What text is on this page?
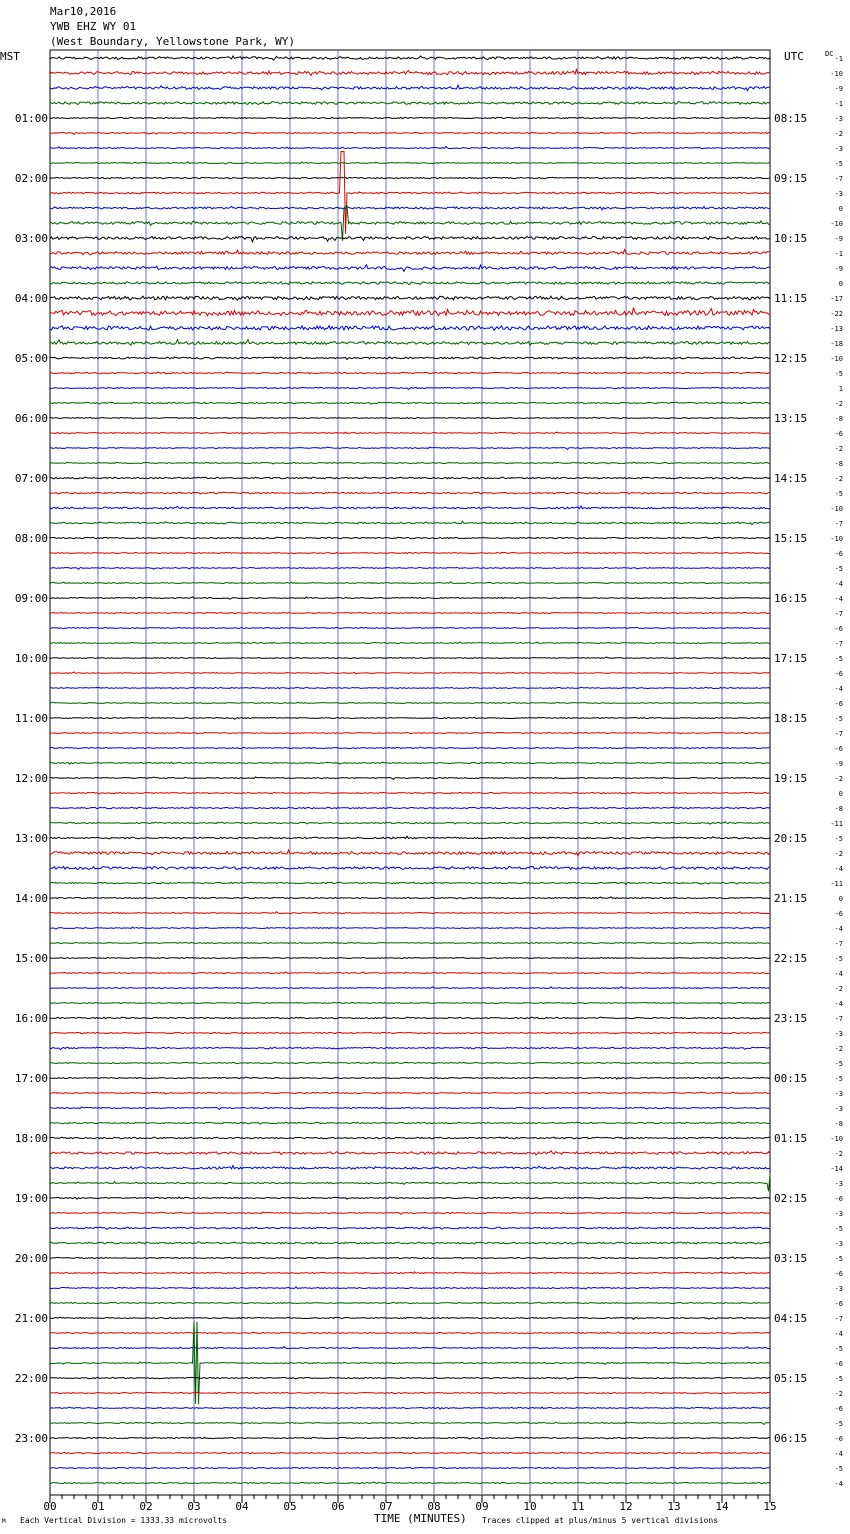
Mar10,2016
YWB EHZ WY 01
(West Boundary, Yellowstone Park, WY)
MST	UTC	DC
-1
-10
-9
-1
-3
-2
-3
-5
-7
-3
0
-10
-9
-1
-9
0
-17
-22
-13
-18
-10
-5
1
-2
-8
-6
-2
-8
-2
-5
-10
-7
-10
-6
-5
-4
-4
-7
-6
-7
-5
-6
-4
-6
-5
-7
-6
-9
-2
0
-8
-11
-5
-2
-4
-11
0
-6
-4
-7
-5
-4
-2
-4
-7
-3
-2
-5
-5
-3
-3
-8
-10
-2
-14
-3
-6
-3
-5
-3
-5
-6
-3
-6
-7
-4
-5
-6
-5
-2
-6
-5
-6
-4
-5
-4
01:00	08:15
02:00	09:15
03:00	10:15
04:00	11:15
05:00	12:15
06:00	13:15
07:00	14:15
08:00	15:15
09:00	16:15
10:00	17:15
11:00	18:15
12:00	19:15
13:00	20:15
14:00	21:15
15:00	22:15
16:00	23:15
17:00	00:15
18:00	01:15
19:00	02:15
20:00	03:15
21:00	04:15
22:00	05:15
23:00	06:15
00	01	02	03	04	05	06	07	08	09	10	11	12	13	14	15
M Each Vertical Division = 1333.33 microvolts	TIME (MINUTES) Traces clipped at plus/minus 5 vertical divisions
